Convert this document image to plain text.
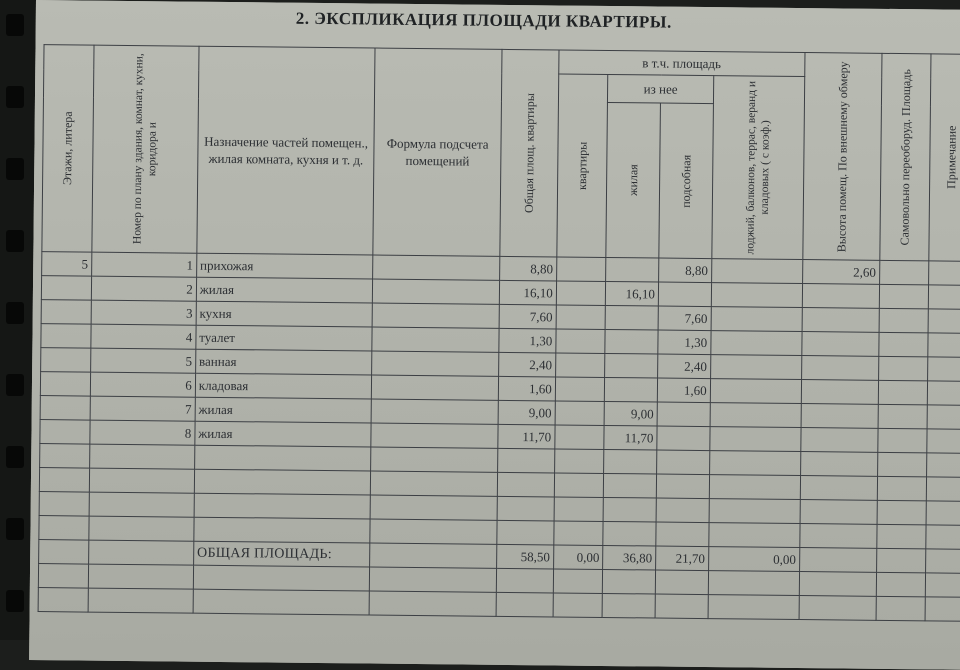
2. ЭКСПЛИКАЦИЯ ПЛОЩАДИ КВАРТИРЫ.
Этажи, литера	Номер по плану здания, комнат, кухни, коридора и	Назначение частей помещен., жилая комната, кухня и т. д.	Формула подсчета помещений	Общая площ. квартиры	в т.ч. площадь				Высота помещ. По внешнему обмеру	Самовольно переоборуд. Площадь	Примечание

					квартиры	из нее		лоджий, балконов, террас, веранд и кладовых ( с коэф.)			

						жилая	подсобная				

5	1	прихожая		8,80			8,80		2,60		
	2	жилая		16,10		16,10					
	3	кухня		7,60			7,60				
	4	туалет		1,30			1,30				
	5	ванная		2,40			2,40				
	6	кладовая		1,60			1,60				
	7	жилая		9,00		9,00					
	8	жилая		11,70		11,70					

		ОБЩАЯ ПЛОЩАДЬ:		58,50	0,00	36,80	21,70	0,00			
